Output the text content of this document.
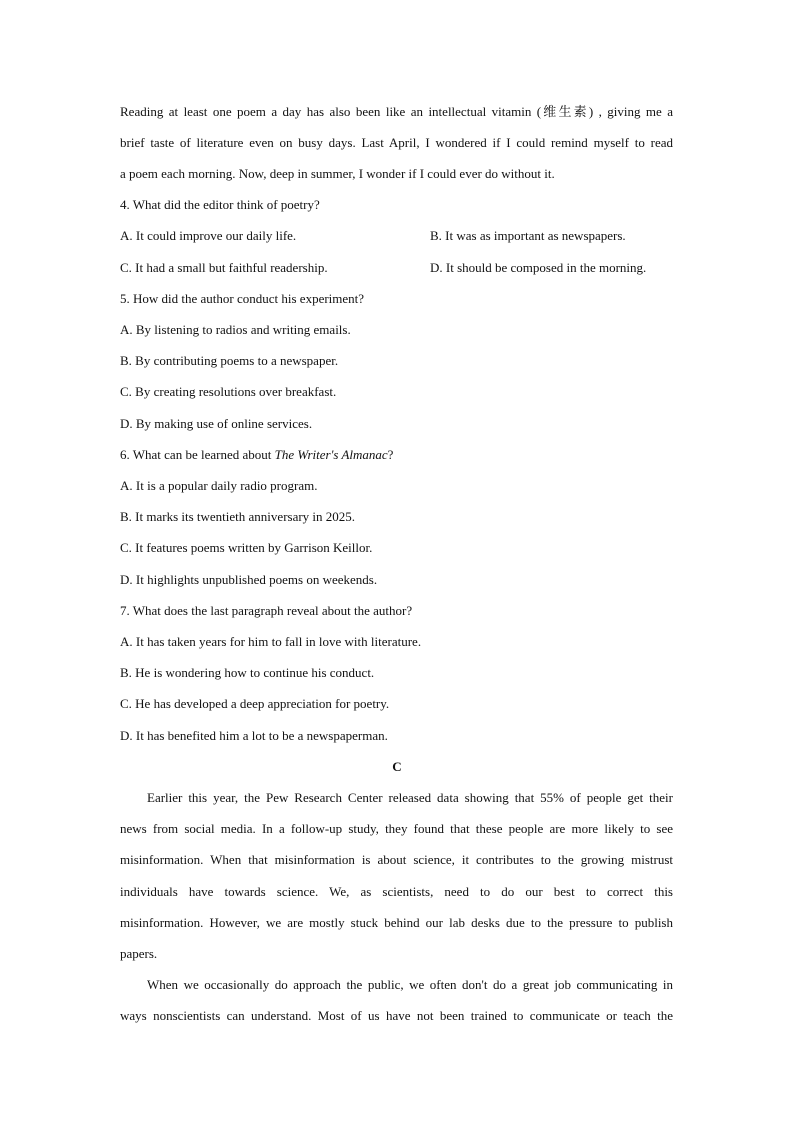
Reading at least one poem a day has also been like an intellectual vitamin (维生素) , giving me a
brief taste of literature even on busy days. Last April, I wondered if I could remind myself to read
a poem each morning. Now, deep in summer, I wonder if I could ever do without it.
4. What did the editor think of poetry?
A. It could improve our daily life.	B. It was as important as newspapers.
C. It had a small but faithful readership.	D. It should be composed in the morning.
5. How did the author conduct his experiment?
A. By listening to radios and writing emails.
B. By contributing poems to a newspaper.
C. By creating resolutions over breakfast.
D. By making use of online services.
6. What can be learned about The Writer's Almanac?
A. It is a popular daily radio program.
B. It marks its twentieth anniversary in 2025.
C. It features poems written by Garrison Keillor.
D. It highlights unpublished poems on weekends.
7. What does the last paragraph reveal about the author?
A. It has taken years for him to fall in love with literature.
B. He is wondering how to continue his conduct.
C. He has developed a deep appreciation for poetry.
D. It has benefited him a lot to be a newspaperman.
C
Earlier this year, the Pew Research Center released data showing that 55% of people get their
news from social media. In a follow-up study, they found that these people are more likely to see
misinformation. When that misinformation is about science, it contributes to the growing mistrust
individuals have towards science. We, as scientists, need to do our best to correct this
misinformation. However, we are mostly stuck behind our lab desks due to the pressure to publish
papers.
When we occasionally do approach the public, we often don't do a great job communicating in
ways nonscientists can understand. Most of us have not been trained to communicate or teach the
